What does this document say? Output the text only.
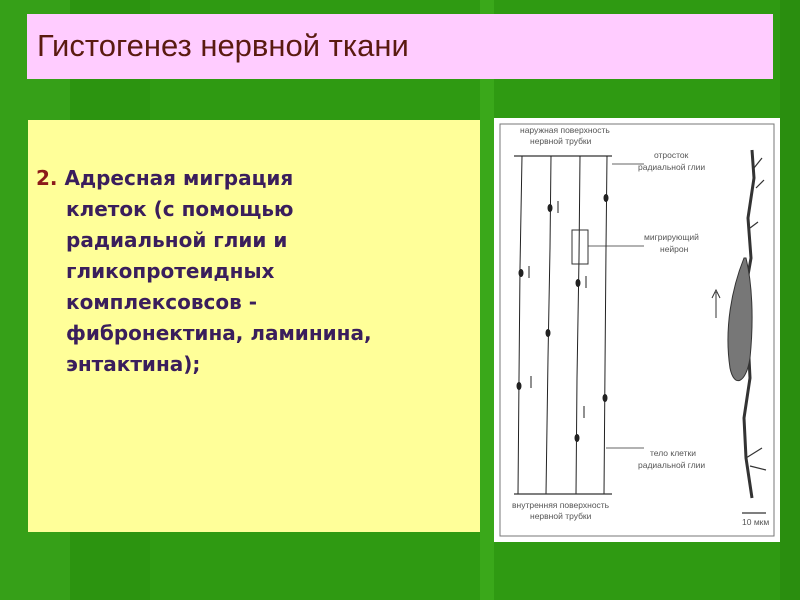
Гистогенез нервной ткани
2. Адресная миграция
клеток (с помощью
радиальной глии и
гликопротеидных
комплексовсов -
фибронектина, ламинина,
энтактина);
наружная поверхность нервной трубки
отросток радиальной глии
мигрирующий нейрон
тело клетки радиальной глии
внутренняя поверхность нервной трубки
10 мкм
